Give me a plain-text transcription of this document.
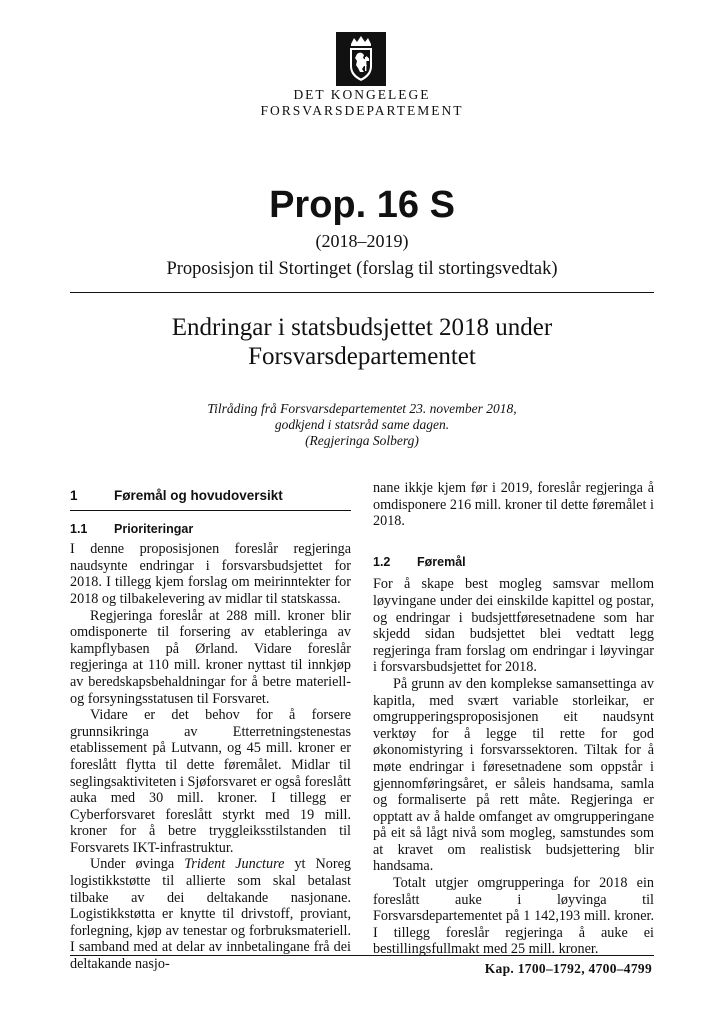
DET KONGELEGE
FORSVARSDEPARTEMENT
Prop. 16 S
(2018–2019)
Proposisjon til Stortinget (forslag til stortingsvedtak)
Endringar i statsbudsjettet 2018 under
Forsvarsdepartementet
Tilråding frå Forsvarsdepartementet 23. november 2018,
godkjend i statsråd same dagen.
(Regjeringa Solberg)
1	Føremål og hovudoversikt
1.1	Prioriteringar

I denne proposisjonen foreslår regjeringa naudsynte endringar i forsvarsbudsjettet for 2018. I tillegg kjem forslag om meirinntekter for 2018 og tilbakelevering av midlar til statskassa.

Regjeringa foreslår at 288 mill. kroner blir omdisponerte til forsering av etableringa av kampflybasen på Ørland. Vidare foreslår regjeringa at 110 mill. kroner nyttast til innkjøp av beredskapsbehaldningar for å betre materiell- og forsyningsstatusen til Forsvaret.

Vidare er det behov for å forsere grunnsikringa av Etterretningstenestas etablissement på Lutvann, og 45 mill. kroner er foreslått flytta til dette føremålet. Midlar til seglingsaktiviteten i Sjøforsvaret er også foreslått auka med 30 mill. kroner. I tillegg er Cyberforsvaret foreslått styrkt med 19 mill. kroner for å betre tryggleiksstilstanden til Forsvarets IKT-infrastruktur.

Under øvinga Trident Juncture yt Noreg logistikkstøtte til allierte som skal betalast tilbake av dei deltakande nasjonane. Logistikkstøtta er knytte til drivstoff, proviant, forlegning, kjøp av tenestar og forbruksmateriell. I samband med at delar av innbetalingane frå dei deltakande nasjo-

nane ikkje kjem før i 2019, foreslår regjeringa å omdisponere 216 mill. kroner til dette føremålet i 2018.

1.2	Føremål

For å skape best mogleg samsvar mellom løyvingane under dei einskilde kapittel og postar, og endringar i budsjettføresetnadene som har skjedd sidan budsjettet blei vedtatt legg regjeringa fram forslag om endringar i løyvingar i forsvarsbudsjettet for 2018.

På grunn av den komplekse samansettinga av kapitla, med svært variable storleikar, er omgrupperingsproposisjonen eit naudsynt verktøy for å legge til rette for god økonomistyring i forsvarssektoren. Tiltak for å møte endringar i føresetnadene som oppstår i gjennomføringsåret, er såleis handsama, samla og formaliserte på rett måte. Regjeringa er opptatt av å halde omfanget av omgrupperingane på eit så lågt nivå som mogleg, samstundes som at kravet om realistisk budsjettering blir handsama.

Totalt utgjer omgrupperinga for 2018 ein foreslått auke i løyvinga til Forsvarsdepartementet på 1 142,193 mill. kroner. I tillegg foreslår regjeringa å auke ei bestillingsfullmakt med 25 mill. kroner.

Kap. 1700–1792, 4700–4799
